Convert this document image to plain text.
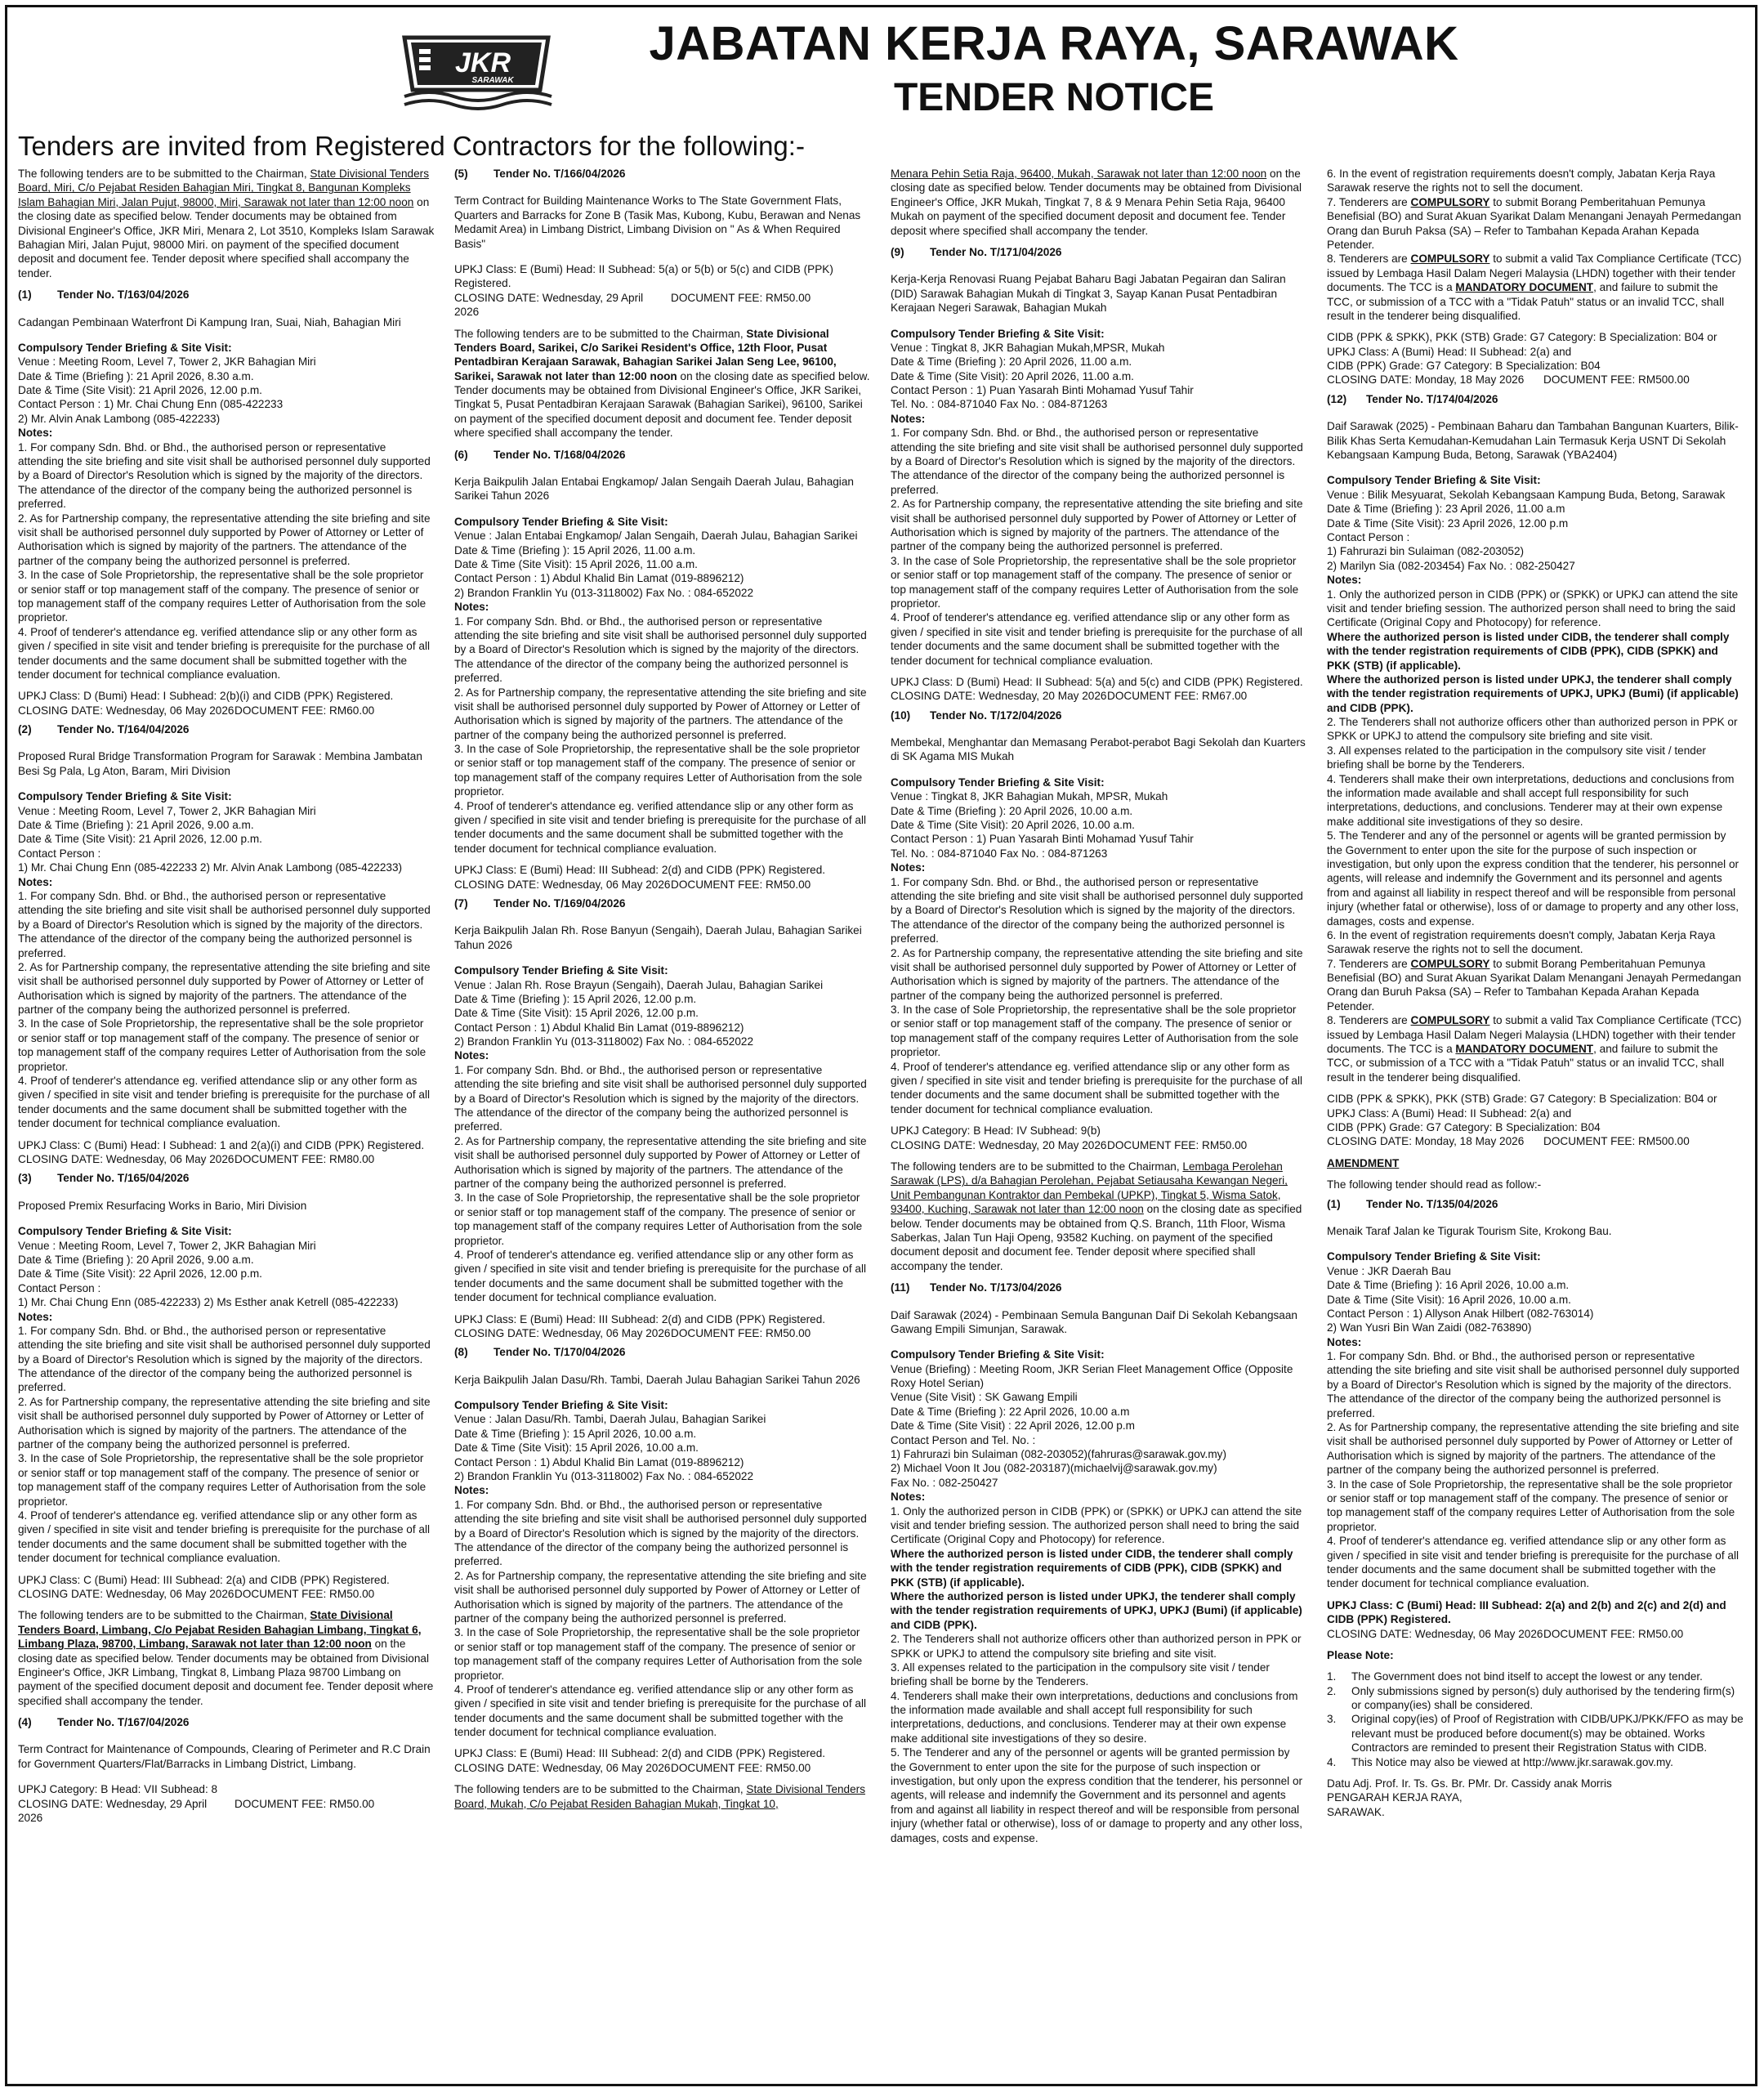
JKR
SARAWAK
JABATAN KERJA RAYA, SARAWAK
TENDER NOTICE
Tenders are invited from Registered Contractors for the following:-

The following tenders are to be submitted to the Chairman, State Divisional Tenders Board, Miri, C/o Pejabat Residen Bahagian Miri, Tingkat 8, Bangunan Kompleks Islam Bahagian Miri, Jalan Pujut, 98000, Miri, Sarawak not later than 12:00 noon on the closing date as specified below. Tender documents may be obtained from Divisional Engineer's Office, JKR Miri, Menara 2, Lot 3510, Kompleks Islam Sarawak Bahagian Miri, Jalan Pujut, 98000 Miri. on payment of the specified document deposit and document fee. Tender deposit where specified shall accompany the tender.

(1) Tender No. T/163/04/2026
Cadangan Pembinaan Waterfront Di Kampung Iran, Suai, Niah, Bahagian Miri
Compulsory Tender Briefing & Site Visit:
Venue : Meeting Room, Level 7, Tower 2, JKR Bahagian Miri
Date & Time (Briefing ): 21 April 2026, 8.30 a.m.
Date & Time (Site Visit): 21 April 2026, 12.00 p.m.
Contact Person : 1) Mr. Chai Chung Enn (085-422233
2) Mr. Alvin Anak Lambong (085-422233)
Notes:
1. For company Sdn. Bhd. or Bhd., the authorised person or representative attending the site briefing and site visit shall be authorised personnel duly supported by a Board of Director's Resolution which is signed by the majority of the directors. The attendance of the director of the company being the authorized personnel is preferred.
2. As for Partnership company, the representative attending the site briefing and site visit shall be authorised personnel duly supported by Power of Attorney or Letter of Authorisation which is signed by majority of the partners. The attendance of the partner of the company being the authorized personnel is preferred.
3. In the case of Sole Proprietorship, the representative shall be the sole proprietor or senior staff or top management staff of the company. The presence of senior or top management staff of the company requires Letter of Authorisation from the sole proprietor.
4. Proof of tenderer's attendance eg. verified attendance slip or any other form as given / specified in site visit and tender briefing is prerequisite for the purchase of all tender documents and the same document shall be submitted together with the tender document for technical compliance evaluation.
UPKJ Class: D (Bumi) Head: I Subhead: 2(b)(i) and CIDB (PPK) Registered.
CLOSING DATE: Wednesday, 06 May 2026 DOCUMENT FEE: RM60.00
(2) Tender No. T/164/04/2026
Proposed Rural Bridge Transformation Program for Sarawak : Membina Jambatan Besi Sg Pala, Lg Aton, Baram, Miri Division
Compulsory Tender Briefing & Site Visit:
Venue : Meeting Room, Level 7, Tower 2, JKR Bahagian Miri
Date & Time (Briefing ): 21 April 2026, 9.00 a.m.
Date & Time (Site Visit): 21 April 2026, 12.00 p.m.
Contact Person :
1) Mr. Chai Chung Enn (085-422233 2) Mr. Alvin Anak Lambong (085-422233)
Notes:
1. For company Sdn. Bhd. or Bhd., the authorised person or representative attending the site briefing and site visit shall be authorised personnel duly supported by a Board of Director's Resolution which is signed by the majority of the directors. The attendance of the director of the company being the authorized personnel is preferred.
2. As for Partnership company, the representative attending the site briefing and site visit shall be authorised personnel duly supported by Power of Attorney or Letter of Authorisation which is signed by majority of the partners. The attendance of the partner of the company being the authorized personnel is preferred.
3. In the case of Sole Proprietorship, the representative shall be the sole proprietor or senior staff or top management staff of the company. The presence of senior or top management staff of the company requires Letter of Authorisation from the sole proprietor.
4. Proof of tenderer's attendance eg. verified attendance slip or any other form as given / specified in site visit and tender briefing is prerequisite for the purchase of all tender documents and the same document shall be submitted together with the tender document for technical compliance evaluation.
UPKJ Class: C (Bumi) Head: I Subhead: 1 and 2(a)(i) and CIDB (PPK) Registered.
CLOSING DATE: Wednesday, 06 May 2026 DOCUMENT FEE: RM80.00
(3) Tender No. T/165/04/2026
Proposed Premix Resurfacing Works in Bario, Miri Division
Compulsory Tender Briefing & Site Visit:
Venue : Meeting Room, Level 7, Tower 2, JKR Bahagian Miri
Date & Time (Briefing ): 20 April 2026, 9.00 a.m.
Date & Time (Site Visit): 22 April 2026, 12.00 p.m.
Contact Person :
1) Mr. Chai Chung Enn (085-422233) 2) Ms Esther anak Ketrell (085-422233)
Notes:
1. For company Sdn. Bhd. or Bhd., the authorised person or representative attending the site briefing and site visit shall be authorised personnel duly supported by a Board of Director's Resolution which is signed by the majority of the directors. The attendance of the director of the company being the authorized personnel is preferred.
2. As for Partnership company, the representative attending the site briefing and site visit shall be authorised personnel duly supported by Power of Attorney or Letter of Authorisation which is signed by majority of the partners. The attendance of the partner of the company being the authorized personnel is preferred.
3. In the case of Sole Proprietorship, the representative shall be the sole proprietor or senior staff or top management staff of the company. The presence of senior or top management staff of the company requires Letter of Authorisation from the sole proprietor.
4. Proof of tenderer's attendance eg. verified attendance slip or any other form as given / specified in site visit and tender briefing is prerequisite for the purchase of all tender documents and the same document shall be submitted together with the tender document for technical compliance evaluation.
UPKJ Class: C (Bumi) Head: III Subhead: 2(a) and CIDB (PPK) Registered.
CLOSING DATE: Wednesday, 06 May 2026 DOCUMENT FEE: RM50.00

The following tenders are to be submitted to the Chairman, State Divisional Tenders Board, Limbang, C/o Pejabat Residen Bahagian Limbang, Tingkat 6, Limbang Plaza, 98700, Limbang, Sarawak not later than 12:00 noon on the closing date as specified below. Tender documents may be obtained from Divisional Engineer's Office, JKR Limbang, Tingkat 8, Limbang Plaza 98700 Limbang on payment of the specified document deposit and document fee. Tender deposit where specified shall accompany the tender.

(4) Tender No. T/167/04/2026
Term Contract for Maintenance of Compounds, Clearing of Perimeter and R.C Drain for Government Quarters/Flat/Barracks in Limbang District, Limbang.
UPKJ Category: B Head: VII Subhead: 8
CLOSING DATE: Wednesday, 29 April 2026
DOCUMENT FEE: RM50.00
(5) Tender No. T/166/04/2026
Term Contract for Building Maintenance Works to The State Government Flats, Quarters and Barracks for Zone B (Tasik Mas, Kubong, Kubu, Berawan and Nenas Medamit Area) in Limbang District, Limbang Division on " As & When Required Basis"
UPKJ Class: E (Bumi) Head: II Subhead: 5(a) or 5(b) or 5(c) and CIDB (PPK) Registered.
CLOSING DATE: Wednesday, 29 April 2026
DOCUMENT FEE: RM50.00

The following tenders are to be submitted to the Chairman, State Divisional Tenders Board, Sarikei, C/o Sarikei Resident's Office, 12th Floor, Pusat Pentadbiran Kerajaan Sarawak, Bahagian Sarikei Jalan Seng Lee, 96100, Sarikei, Sarawak not later than 12:00 noon on the closing date as specified below. Tender documents may be obtained from Divisional Engineer's Office, JKR Sarikei, Tingkat 5, Pusat Pentadbiran Kerajaan Sarawak (Bahagian Sarikei), 96100, Sarikei on payment of the specified document deposit and document fee. Tender deposit where specified shall accompany the tender.

(6) Tender No. T/168/04/2026
Kerja Baikpulih Jalan Entabai Engkamop/ Jalan Sengaih Daerah Julau, Bahagian Sarikei Tahun 2026
Compulsory Tender Briefing & Site Visit:
Venue : Jalan Entabai Engkamop/ Jalan Sengaih, Daerah Julau, Bahagian Sarikei
Date & Time (Briefing ): 15 April 2026, 11.00 a.m.
Date & Time (Site Visit): 15 April 2026, 11.00 a.m.
Contact Person : 1) Abdul Khalid Bin Lamat (019-8896212)
2) Brandon Franklin Yu (013-3118002) Fax No. : 084-652022
Notes:
1. For company Sdn. Bhd. or Bhd., the authorised person or representative attending the site briefing and site visit shall be authorised personnel duly supported by a Board of Director's Resolution which is signed by the majority of the directors. The attendance of the director of the company being the authorized personnel is preferred.
2. As for Partnership company, the representative attending the site briefing and site visit shall be authorised personnel duly supported by Power of Attorney or Letter of Authorisation which is signed by majority of the partners. The attendance of the partner of the company being the authorized personnel is preferred.
3. In the case of Sole Proprietorship, the representative shall be the sole proprietor or senior staff or top management staff of the company. The presence of senior or top management staff of the company requires Letter of Authorisation from the sole proprietor.
4. Proof of tenderer's attendance eg. verified attendance slip or any other form as given / specified in site visit and tender briefing is prerequisite for the purchase of all tender documents and the same document shall be submitted together with the tender document for technical compliance evaluation.
UPKJ Class: E (Bumi) Head: III Subhead: 2(d) and CIDB (PPK) Registered.
CLOSING DATE: Wednesday, 06 May 2026 DOCUMENT FEE: RM50.00
(7) Tender No. T/169/04/2026
Kerja Baikpulih Jalan Rh. Rose Banyun (Sengaih), Daerah Julau, Bahagian Sarikei Tahun 2026
Compulsory Tender Briefing & Site Visit:
Venue : Jalan Rh. Rose Brayun (Sengaih), Daerah Julau, Bahagian Sarikei
Date & Time (Briefing ): 15 April 2026, 12.00 p.m.
Date & Time (Site Visit): 15 April 2026, 12.00 p.m.
Contact Person : 1) Abdul Khalid Bin Lamat (019-8896212)
2) Brandon Franklin Yu (013-3118002) Fax No. : 084-652022
Notes:
1. For company Sdn. Bhd. or Bhd., the authorised person or representative attending the site briefing and site visit shall be authorised personnel duly supported by a Board of Director's Resolution which is signed by the majority of the directors. The attendance of the director of the company being the authorized personnel is preferred.
2. As for Partnership company, the representative attending the site briefing and site visit shall be authorised personnel duly supported by Power of Attorney or Letter of Authorisation which is signed by majority of the partners. The attendance of the partner of the company being the authorized personnel is preferred.
3. In the case of Sole Proprietorship, the representative shall be the sole proprietor or senior staff or top management staff of the company. The presence of senior or top management staff of the company requires Letter of Authorisation from the sole proprietor.
4. Proof of tenderer's attendance eg. verified attendance slip or any other form as given / specified in site visit and tender briefing is prerequisite for the purchase of all tender documents and the same document shall be submitted together with the tender document for technical compliance evaluation.
UPKJ Class: E (Bumi) Head: III Subhead: 2(d) and CIDB (PPK) Registered.
CLOSING DATE: Wednesday, 06 May 2026 DOCUMENT FEE: RM50.00
(8) Tender No. T/170/04/2026
Kerja Baikpulih Jalan Dasu/Rh. Tambi, Daerah Julau Bahagian Sarikei Tahun 2026
Compulsory Tender Briefing & Site Visit:
Venue : Jalan Dasu/Rh. Tambi, Daerah Julau, Bahagian Sarikei
Date & Time (Briefing ): 15 April 2026, 10.00 a.m.
Date & Time (Site Visit): 15 April 2026, 10.00 a.m.
Contact Person : 1) Abdul Khalid Bin Lamat (019-8896212)
2) Brandon Franklin Yu (013-3118002) Fax No. : 084-652022
Notes:
1. For company Sdn. Bhd. or Bhd., the authorised person or representative attending the site briefing and site visit shall be authorised personnel duly supported by a Board of Director's Resolution which is signed by the majority of the directors. The attendance of the director of the company being the authorized personnel is preferred.
2. As for Partnership company, the representative attending the site briefing and site visit shall be authorised personnel duly supported by Power of Attorney or Letter of Authorisation which is signed by majority of the partners. The attendance of the partner of the company being the authorized personnel is preferred.
3. In the case of Sole Proprietorship, the representative shall be the sole proprietor or senior staff or top management staff of the company. The presence of senior or top management staff of the company requires Letter of Authorisation from the sole proprietor.
4. Proof of tenderer's attendance eg. verified attendance slip or any other form as given / specified in site visit and tender briefing is prerequisite for the purchase of all tender documents and the same document shall be submitted together with the tender document for technical compliance evaluation.
UPKJ Class: E (Bumi) Head: III Subhead: 2(d) and CIDB (PPK) Registered.
CLOSING DATE: Wednesday, 06 May 2026 DOCUMENT FEE: RM50.00

The following tenders are to be submitted to the Chairman, State Divisional Tenders Board, Mukah, C/o Pejabat Residen Bahagian Mukah, Tingkat 10,

Menara Pehin Setia Raja, 96400, Mukah, Sarawak not later than 12:00 noon on the closing date as specified below. Tender documents may be obtained from Divisional Engineer's Office, JKR Mukah, Tingkat 7, 8 & 9 Menara Pehin Setia Raja, 96400 Mukah on payment of the specified document deposit and document fee. Tender deposit where specified shall accompany the tender.

(9) Tender No. T/171/04/2026
Kerja-Kerja Renovasi Ruang Pejabat Baharu Bagi Jabatan Pegairan dan Saliran (DID) Sarawak Bahagian Mukah di Tingkat 3, Sayap Kanan Pusat Pentadbiran Kerajaan Negeri Sarawak, Bahagian Mukah
Compulsory Tender Briefing & Site Visit:
Venue : Tingkat 8, JKR Bahagian Mukah,MPSR, Mukah
Date & Time (Briefing ): 20 April 2026, 11.00 a.m.
Date & Time (Site Visit): 20 April 2026, 11.00 a.m.
Contact Person : 1) Puan Yasarah Binti Mohamad Yusuf Tahir
Tel. No. : 084-871040 Fax No. : 084-871263
Notes:
1. For company Sdn. Bhd. or Bhd., the authorised person or representative attending the site briefing and site visit shall be authorised personnel duly supported by a Board of Director's Resolution which is signed by the majority of the directors. The attendance of the director of the company being the authorized personnel is preferred.
2. As for Partnership company, the representative attending the site briefing and site visit shall be authorised personnel duly supported by Power of Attorney or Letter of Authorisation which is signed by majority of the partners. The attendance of the partner of the company being the authorized personnel is preferred.
3. In the case of Sole Proprietorship, the representative shall be the sole proprietor or senior staff or top management staff of the company. The presence of senior or top management staff of the company requires Letter of Authorisation from the sole proprietor.
4. Proof of tenderer's attendance eg. verified attendance slip or any other form as given / specified in site visit and tender briefing is prerequisite for the purchase of all tender documents and the same document shall be submitted together with the tender document for technical compliance evaluation.
UPKJ Class: D (Bumi) Head: II Subhead: 5(a) and 5(c) and CIDB (PPK) Registered.
CLOSING DATE: Wednesday, 20 May 2026 DOCUMENT FEE: RM67.00
(10) Tender No. T/172/04/2026
Membekal, Menghantar dan Memasang Perabot-perabot Bagi Sekolah dan Kuarters di SK Agama MIS Mukah
Compulsory Tender Briefing & Site Visit:
Venue : Tingkat 8, JKR Bahagian Mukah, MPSR, Mukah
Date & Time (Briefing ): 20 April 2026, 10.00 a.m.
Date & Time (Site Visit): 20 April 2026, 10.00 a.m.
Contact Person : 1) Puan Yasarah Binti Mohamad Yusuf Tahir
Tel. No. : 084-871040 Fax No. : 084-871263
Notes:
1. For company Sdn. Bhd. or Bhd., the authorised person or representative attending the site briefing and site visit shall be authorised personnel duly supported by a Board of Director's Resolution which is signed by the majority of the directors. The attendance of the director of the company being the authorized personnel is preferred.
2. As for Partnership company, the representative attending the site briefing and site visit shall be authorised personnel duly supported by Power of Attorney or Letter of Authorisation which is signed by majority of the partners. The attendance of the partner of the company being the authorized personnel is preferred.
3. In the case of Sole Proprietorship, the representative shall be the sole proprietor or senior staff or top management staff of the company. The presence of senior or top management staff of the company requires Letter of Authorisation from the sole proprietor.
4. Proof of tenderer's attendance eg. verified attendance slip or any other form as given / specified in site visit and tender briefing is prerequisite for the purchase of all tender documents and the same document shall be submitted together with the tender document for technical compliance evaluation.
UPKJ Category: B Head: IV Subhead: 9(b)
CLOSING DATE: Wednesday, 20 May 2026 DOCUMENT FEE: RM50.00

The following tenders are to be submitted to the Chairman, Lembaga Perolehan Sarawak (LPS), d/a Bahagian Perolehan, Pejabat Setiausaha Kewangan Negeri, Unit Pembangunan Kontraktor dan Pembekal (UPKP), Tingkat 5, Wisma Satok, 93400, Kuching, Sarawak not later than 12:00 noon on the closing date as specified below. Tender documents may be obtained from Q.S. Branch, 11th Floor, Wisma Saberkas, Jalan Tun Haji Openg, 93582 Kuching. on payment of the specified document deposit and document fee. Tender deposit where specified shall accompany the tender.

(11) Tender No. T/173/04/2026
Daif Sarawak (2024) - Pembinaan Semula Bangunan Daif Di Sekolah Kebangsaan Gawang Empili Simunjan, Sarawak.
Compulsory Tender Briefing & Site Visit:
Venue (Briefing) : Meeting Room, JKR Serian Fleet Management Office (Opposite Roxy Hotel Serian)
Venue (Site Visit) : SK Gawang Empili
Date & Time (Briefing ): 22 April 2026, 10.00 a.m
Date & Time (Site Visit) : 22 April 2026, 12.00 p.m
Contact Person and Tel. No. :
1) Fahrurazi bin Sulaiman (082-203052)(fahruras@sarawak.gov.my)
2) Michael Voon It Jou (082-203187)(michaelvij@sarawak.gov.my)
Fax No. : 082-250427
Notes:
1. Only the authorized person in CIDB (PPK) or (SPKK) or UPKJ can attend the site visit and tender briefing session. The authorized person shall need to bring the said Certificate (Original Copy and Photocopy) for reference.
Where the authorized person is listed under CIDB, the tenderer shall comply with the tender registration requirements of CIDB (PPK), CIDB (SPKK) and PKK (STB) (if applicable).
Where the authorized person is listed under UPKJ, the tenderer shall comply with the tender registration requirements of UPKJ, UPKJ (Bumi) (if applicable) and CIDB (PPK).
2. The Tenderers shall not authorize officers other than authorized person in PPK or SPKK or UPKJ to attend the compulsory site briefing and site visit.
3. All expenses related to the participation in the compulsory site visit / tender briefing shall be borne by the Tenderers.
4. Tenderers shall make their own interpretations, deductions and conclusions from the information made available and shall accept full responsibility for such interpretations, deductions, and conclusions. Tenderer may at their own expense make additional site investigations of they so desire.
5. The Tenderer and any of the personnel or agents will be granted permission by the Government to enter upon the site for the purpose of such inspection or investigation, but only upon the express condition that the tenderer, his personnel or agents, will release and indemnify the Government and its personnel and agents from and against all liability in respect thereof and will be responsible from personal injury (whether fatal or otherwise), loss of or damage to property and any other loss, damages, costs and expense.
6. In the event of registration requirements doesn't comply, Jabatan Kerja Raya Sarawak reserve the rights not to sell the document.
7. Tenderers are COMPULSORY to submit Borang Pemberitahuan Pemunya Benefisial (BO) and Surat Akuan Syarikat Dalam Menangani Jenayah Permedangan Orang dan Buruh Paksa (SA) – Refer to Tambahan Kepada Arahan Kepada Petender.
8. Tenderers are COMPULSORY to submit a valid Tax Compliance Certificate (TCC) issued by Lembaga Hasil Dalam Negeri Malaysia (LHDN) together with their tender documents. The TCC is a MANDATORY DOCUMENT, and failure to submit the TCC, or submission of a TCC with a "Tidak Patuh" status or an invalid TCC, shall result in the tenderer being disqualified.
CIDB (PPK & SPKK), PKK (STB) Grade: G7 Category: B Specialization: B04 or UPKJ Class: A (Bumi) Head: II Subhead: 2(a) and
CIDB (PPK) Grade: G7 Category: B Specialization: B04
CLOSING DATE: Monday, 18 May 2026	DOCUMENT FEE: RM500.00
(12) Tender No. T/174/04/2026
Daif Sarawak (2025) - Pembinaan Baharu dan Tambahan Bangunan Kuarters, Bilik-Bilik Khas Serta Kemudahan-Kemudahan Lain Termasuk Kerja USNT Di Sekolah Kebangsaan Kampung Buda, Betong, Sarawak (YBA2404)
Compulsory Tender Briefing & Site Visit:
Venue : Bilik Mesyuarat, Sekolah Kebangsaan Kampung Buda, Betong, Sarawak
Date & Time (Briefing ): 23 April 2026, 11.00 a.m
Date & Time (Site Visit): 23 April 2026, 12.00 p.m
Contact Person :
1) Fahrurazi bin Sulaiman (082-203052)
2) Marilyn Sia (082-203454) Fax No. : 082-250427
Notes:
1. Only the authorized person in CIDB (PPK) or (SPKK) or UPKJ can attend the site visit and tender briefing session. The authorized person shall need to bring the said Certificate (Original Copy and Photocopy) for reference.
Where the authorized person is listed under CIDB, the tenderer shall comply with the tender registration requirements of CIDB (PPK), CIDB (SPKK) and PKK (STB) (if applicable).
Where the authorized person is listed under UPKJ, the tenderer shall comply with the tender registration requirements of UPKJ, UPKJ (Bumi) (if applicable) and CIDB (PPK).
2. The Tenderers shall not authorize officers other than authorized person in PPK or SPKK or UPKJ to attend the compulsory site briefing and site visit.
3. All expenses related to the participation in the compulsory site visit / tender briefing shall be borne by the Tenderers.
4. Tenderers shall make their own interpretations, deductions and conclusions from the information made available and shall accept full responsibility for such interpretations, deductions, and conclusions. Tenderer may at their own expense make additional site investigations of they so desire.
5. The Tenderer and any of the personnel or agents will be granted permission by the Government to enter upon the site for the purpose of such inspection or investigation, but only upon the express condition that the tenderer, his personnel or agents, will release and indemnify the Government and its personnel and agents from and against all liability in respect thereof and will be responsible from personal injury (whether fatal or otherwise), loss of or damage to property and any other loss, damages, costs and expense.
6. In the event of registration requirements doesn't comply, Jabatan Kerja Raya Sarawak reserve the rights not to sell the document.
7. Tenderers are COMPULSORY to submit Borang Pemberitahuan Pemunya Benefisial (BO) and Surat Akuan Syarikat Dalam Menangani Jenayah Permedangan Orang dan Buruh Paksa (SA) – Refer to Tambahan Kepada Arahan Kepada Petender.
8. Tenderers are COMPULSORY to submit a valid Tax Compliance Certificate (TCC) issued by Lembaga Hasil Dalam Negeri Malaysia (LHDN) together with their tender documents. The TCC is a MANDATORY DOCUMENT, and failure to submit the TCC, or submission of a TCC with a "Tidak Patuh" status or an invalid TCC, shall result in the tenderer being disqualified.
CIDB (PPK & SPKK), PKK (STB) Grade: G7 Category: B Specialization: B04 or UPKJ Class: A (Bumi) Head: II Subhead: 2(a) and
CIDB (PPK) Grade: G7 Category: B Specialization: B04
CLOSING DATE: Monday, 18 May 2026	DOCUMENT FEE: RM500.00
AMENDMENT
The following tender should read as follow:-
(1) Tender No. T/135/04/2026
Menaik Taraf Jalan ke Tigurak Tourism Site, Krokong Bau.
Compulsory Tender Briefing & Site Visit:
Venue : JKR Daerah Bau
Date & Time (Briefing ): 16 April 2026, 10.00 a.m.
Date & Time (Site Visit): 16 April 2026, 10.00 a.m.
Contact Person : 1) Allyson Anak Hilbert (082-763014)
2) Wan Yusri Bin Wan Zaidi (082-763890)
Notes:
1. For company Sdn. Bhd. or Bhd., the authorised person or representative attending the site briefing and site visit shall be authorised personnel duly supported by a Board of Director's Resolution which is signed by the majority of the directors. The attendance of the director of the company being the authorized personnel is preferred.
2. As for Partnership company, the representative attending the site briefing and site visit shall be authorised personnel duly supported by Power of Attorney or Letter of Authorisation which is signed by majority of the partners. The attendance of the partner of the company being the authorized personnel is preferred.
3. In the case of Sole Proprietorship, the representative shall be the sole proprietor or senior staff or top management staff of the company. The presence of senior or top management staff of the company requires Letter of Authorisation from the sole proprietor.
4. Proof of tenderer's attendance eg. verified attendance slip or any other form as given / specified in site visit and tender briefing is prerequisite for the purchase of all tender documents and the same document shall be submitted together with the tender document for technical compliance evaluation.
UPKJ Class: C (Bumi) Head: III Subhead: 2(a) and 2(b) and 2(c) and 2(d) and CIDB (PPK) Registered.
CLOSING DATE: Wednesday, 06 May 2026 DOCUMENT FEE: RM50.00
Please Note:
1.	The Government does not bind itself to accept the lowest or any tender.
2.	Only submissions signed by person(s) duly authorised by the tendering firm(s) or company(ies) shall be considered.
3.	Original copy(ies) of Proof of Registration with CIDB/UPKJ/PKK/FFO as may be relevant must be produced before document(s) may be obtained. Works Contractors are reminded to present their Registration Status with CIDB.
4.	This Notice may also be viewed at http://www.jkr.sarawak.gov.my.
Datu Adj. Prof. Ir. Ts. Gs. Br. PMr. Dr. Cassidy anak Morris
PENGARAH KERJA RAYA,
SARAWAK.
